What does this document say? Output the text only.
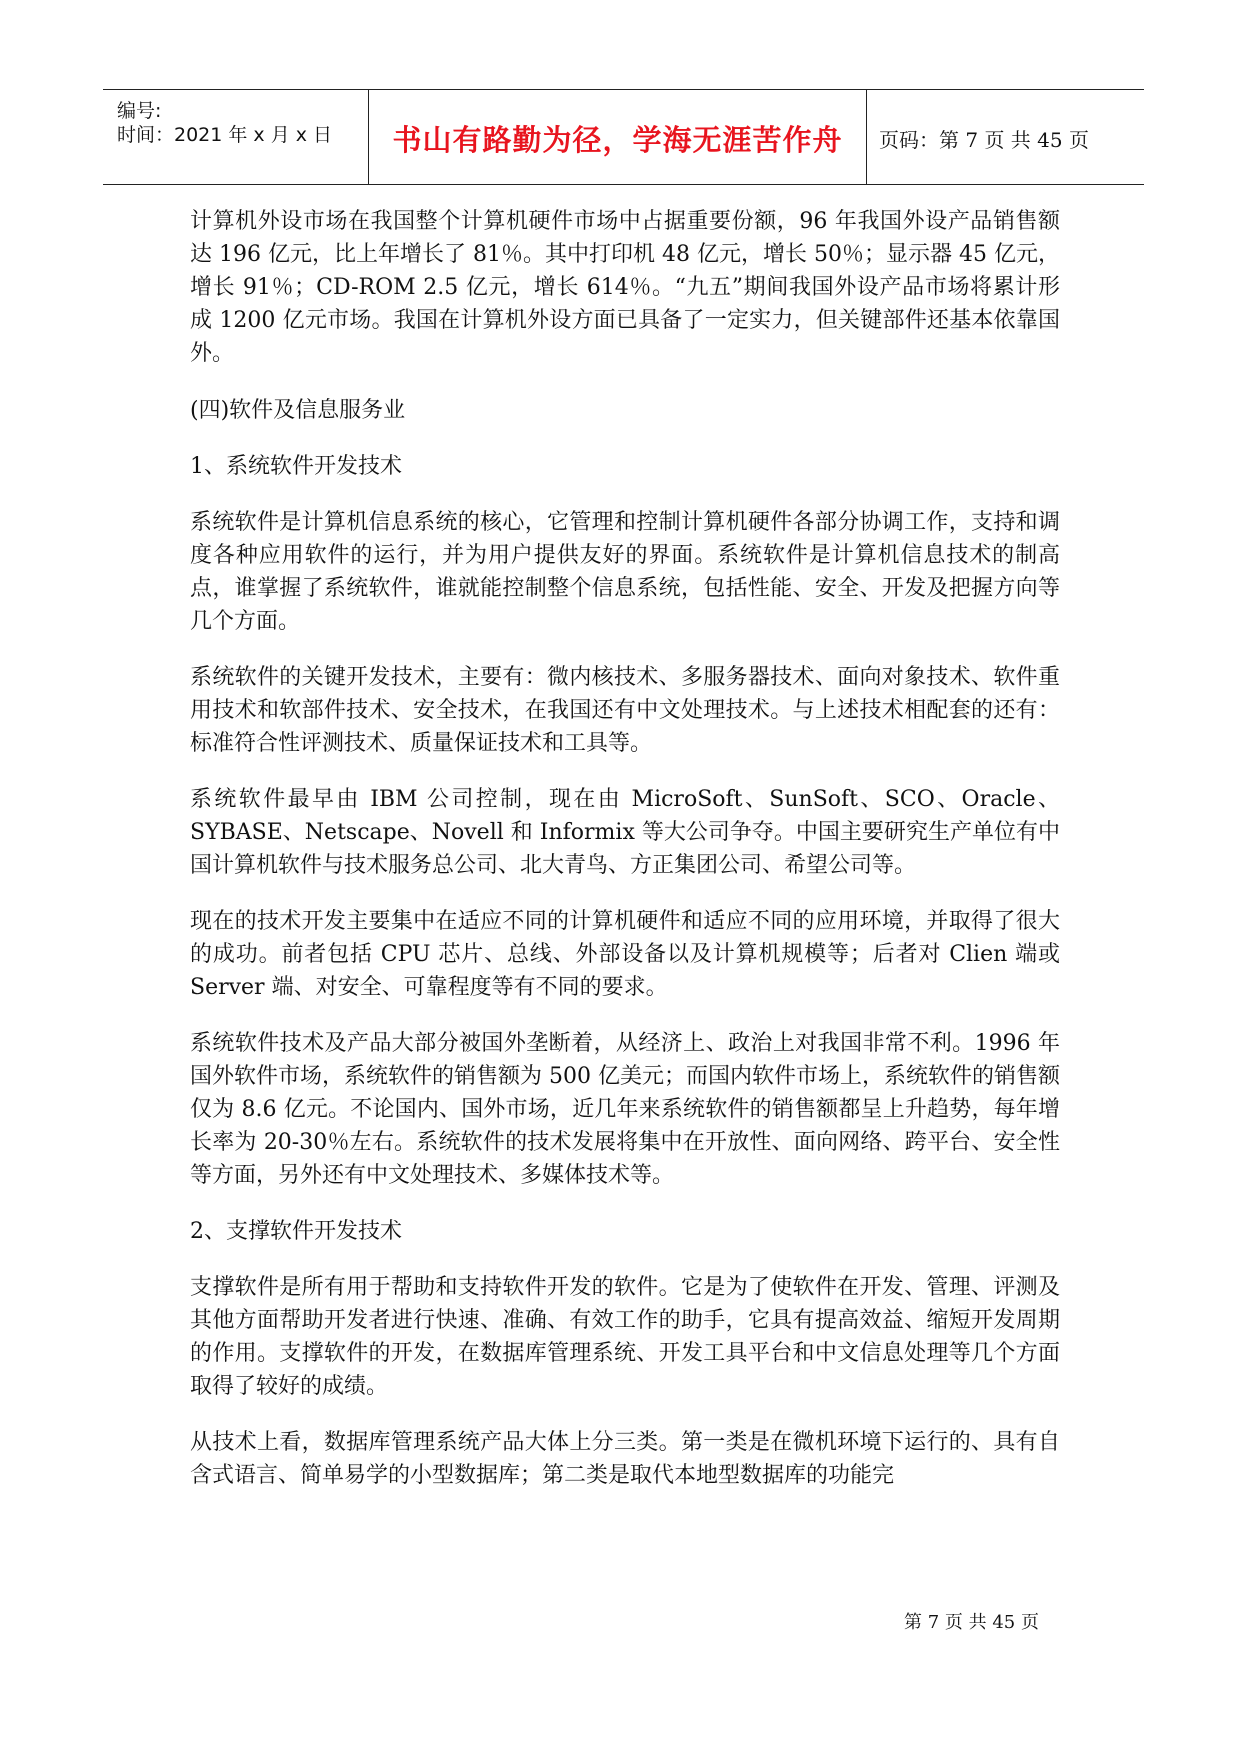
编号:
时间：2021 年 x 月 x 日	书山有路勤为径，学海无涯苦作舟	页码：第 7 页 共 45 页

计算机外设市场在我国整个计算机硬件市场中占据重要份额，96 年我国外设产品销售额达 196 亿元，比上年增长了 81％。其中打印机 48 亿元，增长 50％；显示器 45 亿元，增长 91％；CD-ROM 2.5 亿元，增长 614％。“九五”期间我国外设产品市场将累计形成 1200 亿元市场。我国在计算机外设方面已具备了一定实力，但关键部件还基本依靠国外。

(四)软件及信息服务业

1、系统软件开发技术

系统软件是计算机信息系统的核心，它管理和控制计算机硬件各部分协调工作，支持和调度各种应用软件的运行，并为用户提供友好的界面。系统软件是计算机信息技术的制高点，谁掌握了系统软件，谁就能控制整个信息系统，包括性能、安全、开发及把握方向等几个方面。

系统软件的关键开发技术，主要有：微内核技术、多服务器技术、面向对象技术、软件重用技术和软部件技术、安全技术，在我国还有中文处理技术。与上述技术相配套的还有：标准符合性评测技术、质量保证技术和工具等。

系统软件最早由 IBM 公司控制，现在由 MicroSoft、SunSoft、SCO、Oracle、SYBASE、Netscape、Novell 和 Informix 等大公司争夺。中国主要研究生产单位有中国计算机软件与技术服务总公司、北大青鸟、方正集团公司、希望公司等。

现在的技术开发主要集中在适应不同的计算机硬件和适应不同的应用环境，并取得了很大的成功。前者包括 CPU 芯片、总线、外部设备以及计算机规模等；后者对 Clien 端或 Server 端、对安全、可靠程度等有不同的要求。

系统软件技术及产品大部分被国外垄断着，从经济上、政治上对我国非常不利。1996 年国外软件市场，系统软件的销售额为 500 亿美元；而国内软件市场上，系统软件的销售额仅为 8.6 亿元。不论国内、国外市场，近几年来系统软件的销售额都呈上升趋势，每年增长率为 20-30％左右。系统软件的技术发展将集中在开放性、面向网络、跨平台、安全性等方面，另外还有中文处理技术、多媒体技术等。

2、支撑软件开发技术

支撑软件是所有用于帮助和支持软件开发的软件。它是为了使软件在开发、管理、评测及其他方面帮助开发者进行快速、准确、有效工作的助手，它具有提高效益、缩短开发周期的作用。支撑软件的开发，在数据库管理系统、开发工具平台和中文信息处理等几个方面取得了较好的成绩。

从技术上看，数据库管理系统产品大体上分三类。第一类是在微机环境下运行的、具有自含式语言、简单易学的小型数据库；第二类是取代本地型数据库的功能完

第 7 页 共 45 页
